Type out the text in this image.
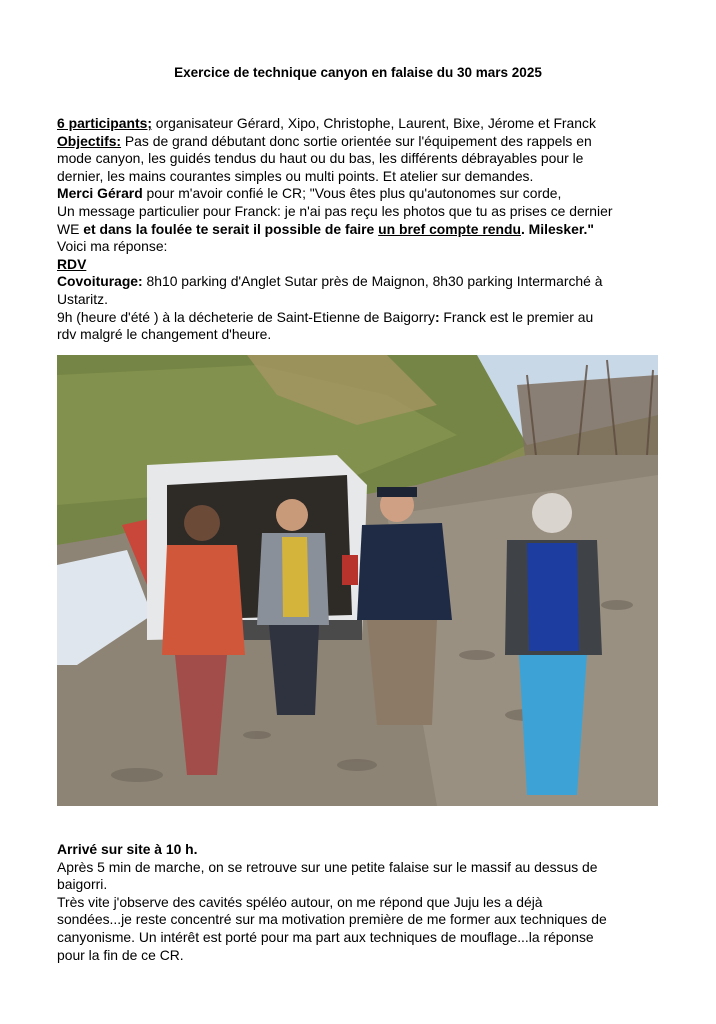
Exercice de technique canyon en falaise du 30 mars 2025

6 participants; organisateur Gérard, Xipo, Christophe, Laurent, Bixe, Jérome et Franck

Objectifs: Pas de grand débutant donc sortie orientée sur l'équipement des rappels en

mode canyon, les guidés tendus du haut ou du bas, les différents débrayables pour le

dernier, les mains courantes simples ou multi points. Et atelier sur demandes.

Merci Gérard pour m'avoir confié le CR; "Vous êtes plus qu'autonomes sur corde,

Un message particulier pour Franck: je n'ai pas reçu les photos que tu as prises ce dernier

WE et dans la foulée te serait il possible de faire un bref compte rendu. Milesker."

Voici ma réponse:

RDV

Covoiturage: 8h10 parking d'Anglet Sutar près de Maignon, 8h30 parking Intermarché à

Ustaritz.

9h (heure d'été ) à la décheterie de Saint-Etienne de Baigorry: Franck est le premier au

rdv malgré le changement d'heure.

Arrivé sur site à 10 h.

Après 5 min de marche, on se retrouve sur une petite falaise sur le massif au dessus de

baigorri.

Très vite j'observe des cavités spéléo autour, on me répond que Juju les a déjà

sondées...je reste concentré sur ma motivation première de me former aux techniques de

canyonisme. Un intérêt est porté pour ma part aux techniques de mouflage...la réponse

pour la fin de ce CR.
